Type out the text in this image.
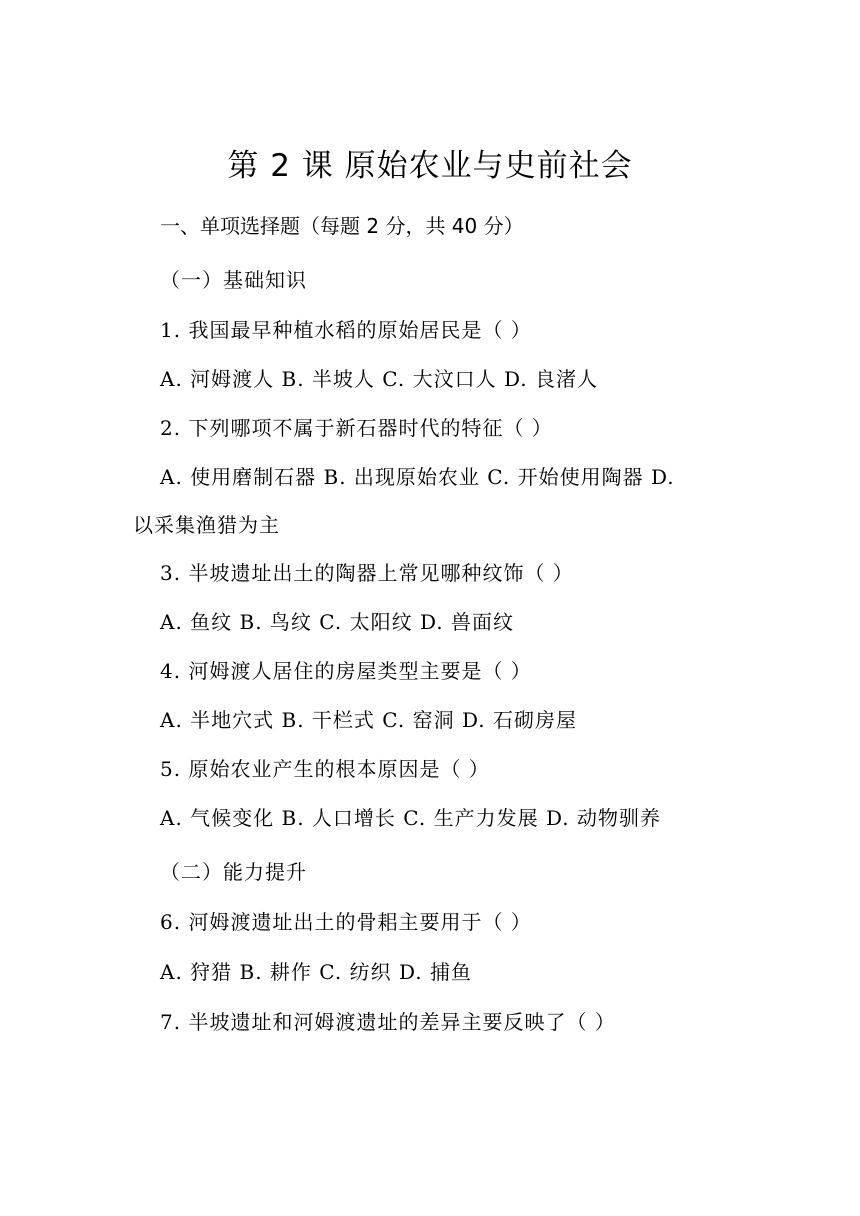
第 2 课 原始农业与史前社会
一、单项选择题（每题 2 分，共 40 分）
（一）基础知识
1. 我国最早种植水稻的原始居民是（ ）
A. 河姆渡人 B. 半坡人 C. 大汶口人 D. 良渚人
2. 下列哪项不属于新石器时代的特征（ ）
A. 使用磨制石器 B. 出现原始农业 C. 开始使用陶器 D.
以采集渔猎为主
3. 半坡遗址出土的陶器上常见哪种纹饰（ ）
A. 鱼纹 B. 鸟纹 C. 太阳纹 D. 兽面纹
4. 河姆渡人居住的房屋类型主要是（ ）
A. 半地穴式 B. 干栏式 C. 窑洞 D. 石砌房屋
5. 原始农业产生的根本原因是（ ）
A. 气候变化 B. 人口增长 C. 生产力发展 D. 动物驯养
（二）能力提升
6. 河姆渡遗址出土的骨耜主要用于（ ）
A. 狩猎 B. 耕作 C. 纺织 D. 捕鱼
7. 半坡遗址和河姆渡遗址的差异主要反映了（ ）
